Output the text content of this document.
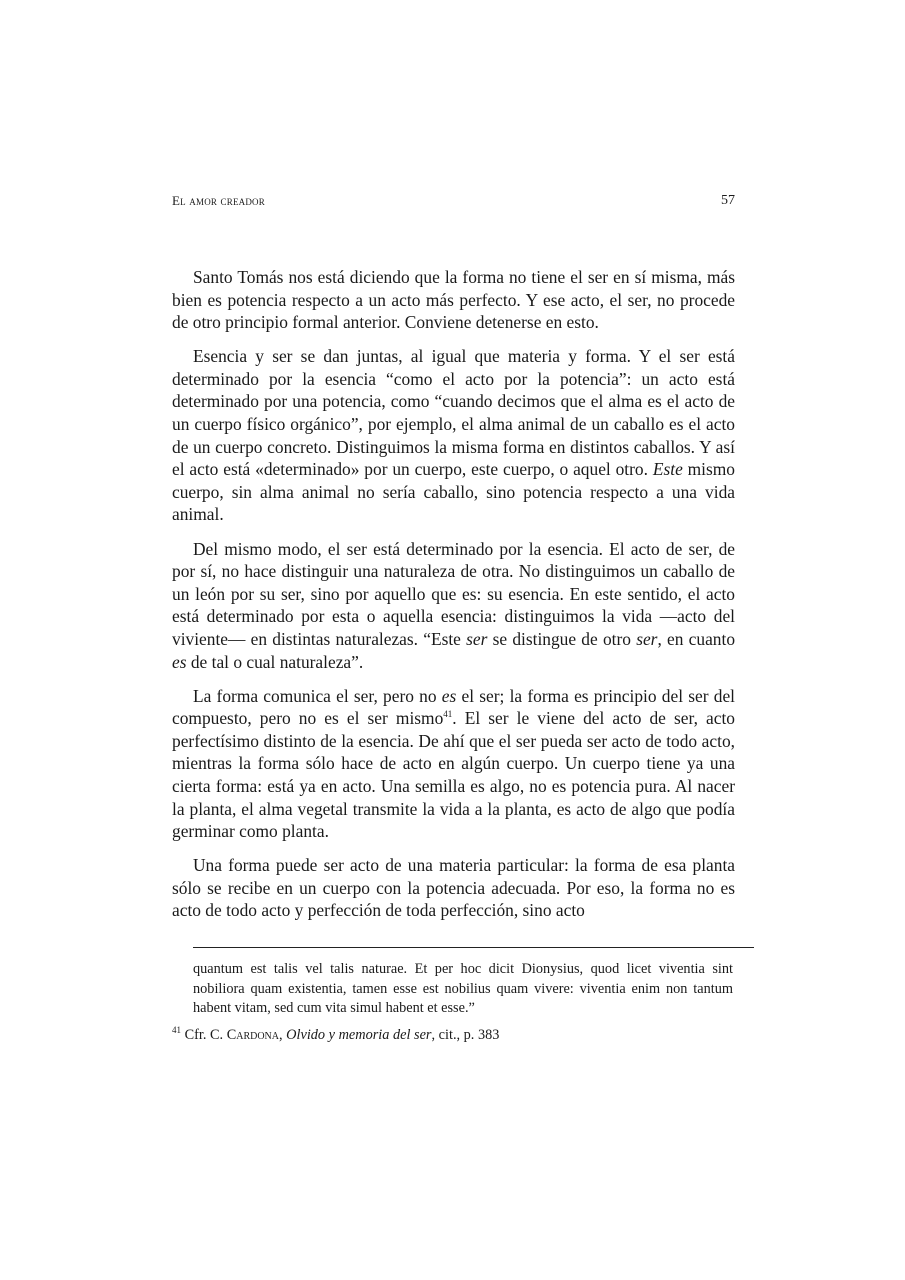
El amor creador	57

Santo Tomás nos está diciendo que la forma no tiene el ser en sí misma, más bien es potencia respecto a un acto más perfecto. Y ese acto, el ser, no procede de otro principio formal anterior. Conviene detenerse en esto.

Esencia y ser se dan juntas, al igual que materia y forma. Y el ser está determinado por la esencia “como el acto por la potencia”: un acto está determinado por una potencia, como “cuando decimos que el alma es el acto de un cuerpo físico orgánico”, por ejemplo, el alma animal de un caballo es el acto de un cuerpo concreto. Distinguimos la misma forma en distintos caballos. Y así el acto está «determinado» por un cuerpo, este cuerpo, o aquel otro. Este mismo cuerpo, sin alma animal no sería caballo, sino potencia respecto a una vida animal.

Del mismo modo, el ser está determinado por la esencia. El acto de ser, de por sí, no hace distinguir una naturaleza de otra. No distinguimos un caballo de un león por su ser, sino por aquello que es: su esencia. En este sentido, el acto está determinado por esta o aquella esencia: distinguimos la vida —acto del viviente— en distintas naturalezas. “Este ser se distingue de otro ser, en cuanto es de tal o cual naturaleza”.

La forma comunica el ser, pero no es el ser; la forma es principio del ser del compuesto, pero no es el ser mismo$^{41}$. El ser le viene del acto de ser, acto perfectísimo distinto de la esencia. De ahí que el ser pueda ser acto de todo acto, mientras la forma sólo hace de acto en algún cuerpo. Un cuerpo tiene ya una cierta forma: está ya en acto. Una semilla es algo, no es potencia pura. Al nacer la planta, el alma vegetal transmite la vida a la planta, es acto de algo que podía germinar como planta.

Una forma puede ser acto de una materia particular: la forma de esa planta sólo se recibe en un cuerpo con la potencia adecuada. Por eso, la forma no es acto de todo acto y perfección de toda perfección, sino acto

quantum est talis vel talis naturae. Et per hoc dicit Dionysius, quod licet viventia sint nobiliora quam existentia, tamen esse est nobilius quam vivere: viventia enim non tantum habent vitam, sed cum vita simul habent et esse.”

$^{41}$ Cfr. C. Cardona, Olvido y memoria del ser, cit., p. 383
